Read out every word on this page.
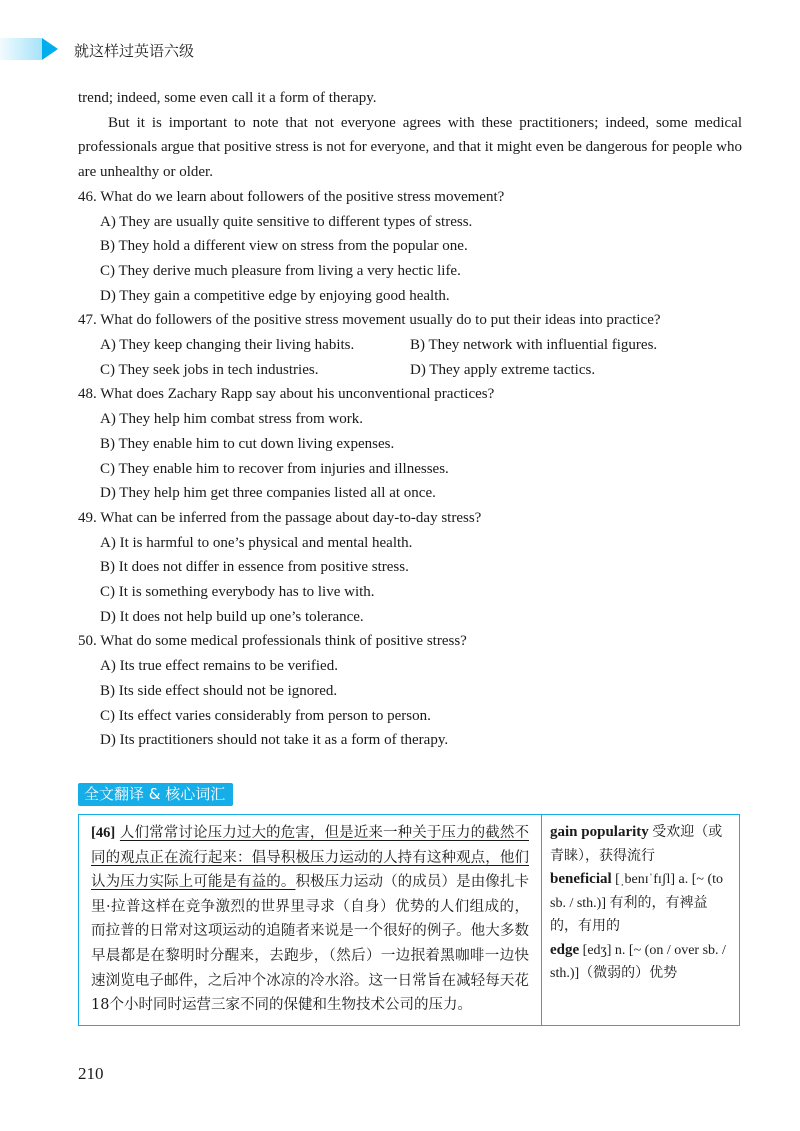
就这样过英语六级

trend; indeed, some even call it a form of therapy.

But it is important to note that not everyone agrees with these practitioners; indeed, some medical professionals argue that positive stress is not for everyone, and that it might even be dangerous for people who are unhealthy or older.

46. What do we learn about followers of the positive stress movement?

A) They are usually quite sensitive to different types of stress.

B) They hold a different view on stress from the popular one.

C) They derive much pleasure from living a very hectic life.

D) They gain a competitive edge by enjoying good health.

47. What do followers of the positive stress movement usually do to put their ideas into practice?

A) They keep changing their living habits.	B) They network with influential figures.
C) They seek jobs in tech industries.	D) They apply extreme tactics.

48. What does Zachary Rapp say about his unconventional practices?

A) They help him combat stress from work.

B) They enable him to cut down living expenses.

C) They enable him to recover from injuries and illnesses.

D) They help him get three companies listed all at once.

49. What can be inferred from the passage about day-to-day stress?

A) It is harmful to one’s physical and mental health.

B) It does not differ in essence from positive stress.

C) It is something everybody has to live with.

D) It does not help build up one’s tolerance.

50. What do some medical professionals think of positive stress?

A) Its true effect remains to be verified.

B) Its side effect should not be ignored.

C) Its effect varies considerably from person to person.

D) Its practitioners should not take it as a form of therapy.

全文翻译 & 核心词汇
[46] 人们常常讨论压力过大的危害，但是近来一种关于压力的截然不同的观点正在流行起来：倡导积极压力运动的人持有这种观点，他们认为压力实际上可能是有益的。积极压力运动（的成员）是由像扎卡里·拉普这样在竞争激烈的世界里寻求（自身）优势的人们组成的，而拉普的日常对这项运动的追随者来说是一个很好的例子。他大多数早晨都是在黎明时分醒来，去跑步，（然后）一边抿着黑咖啡一边快速浏览电子邮件，之后冲个冰凉的冷水浴。这一日常旨在减轻每天花18个小时同时运营三家不同的保健和生物技术公司的压力。
gain popularity 受欢迎（或青睐），获得流行
beneficial [ˌbenɪˈfɪʃl] a. [~ (to sb. / sth.)] 有利的，有裨益的，有用的
edge [edʒ] n. [~ (on / over sb. / sth.)]（微弱的）优势
210
